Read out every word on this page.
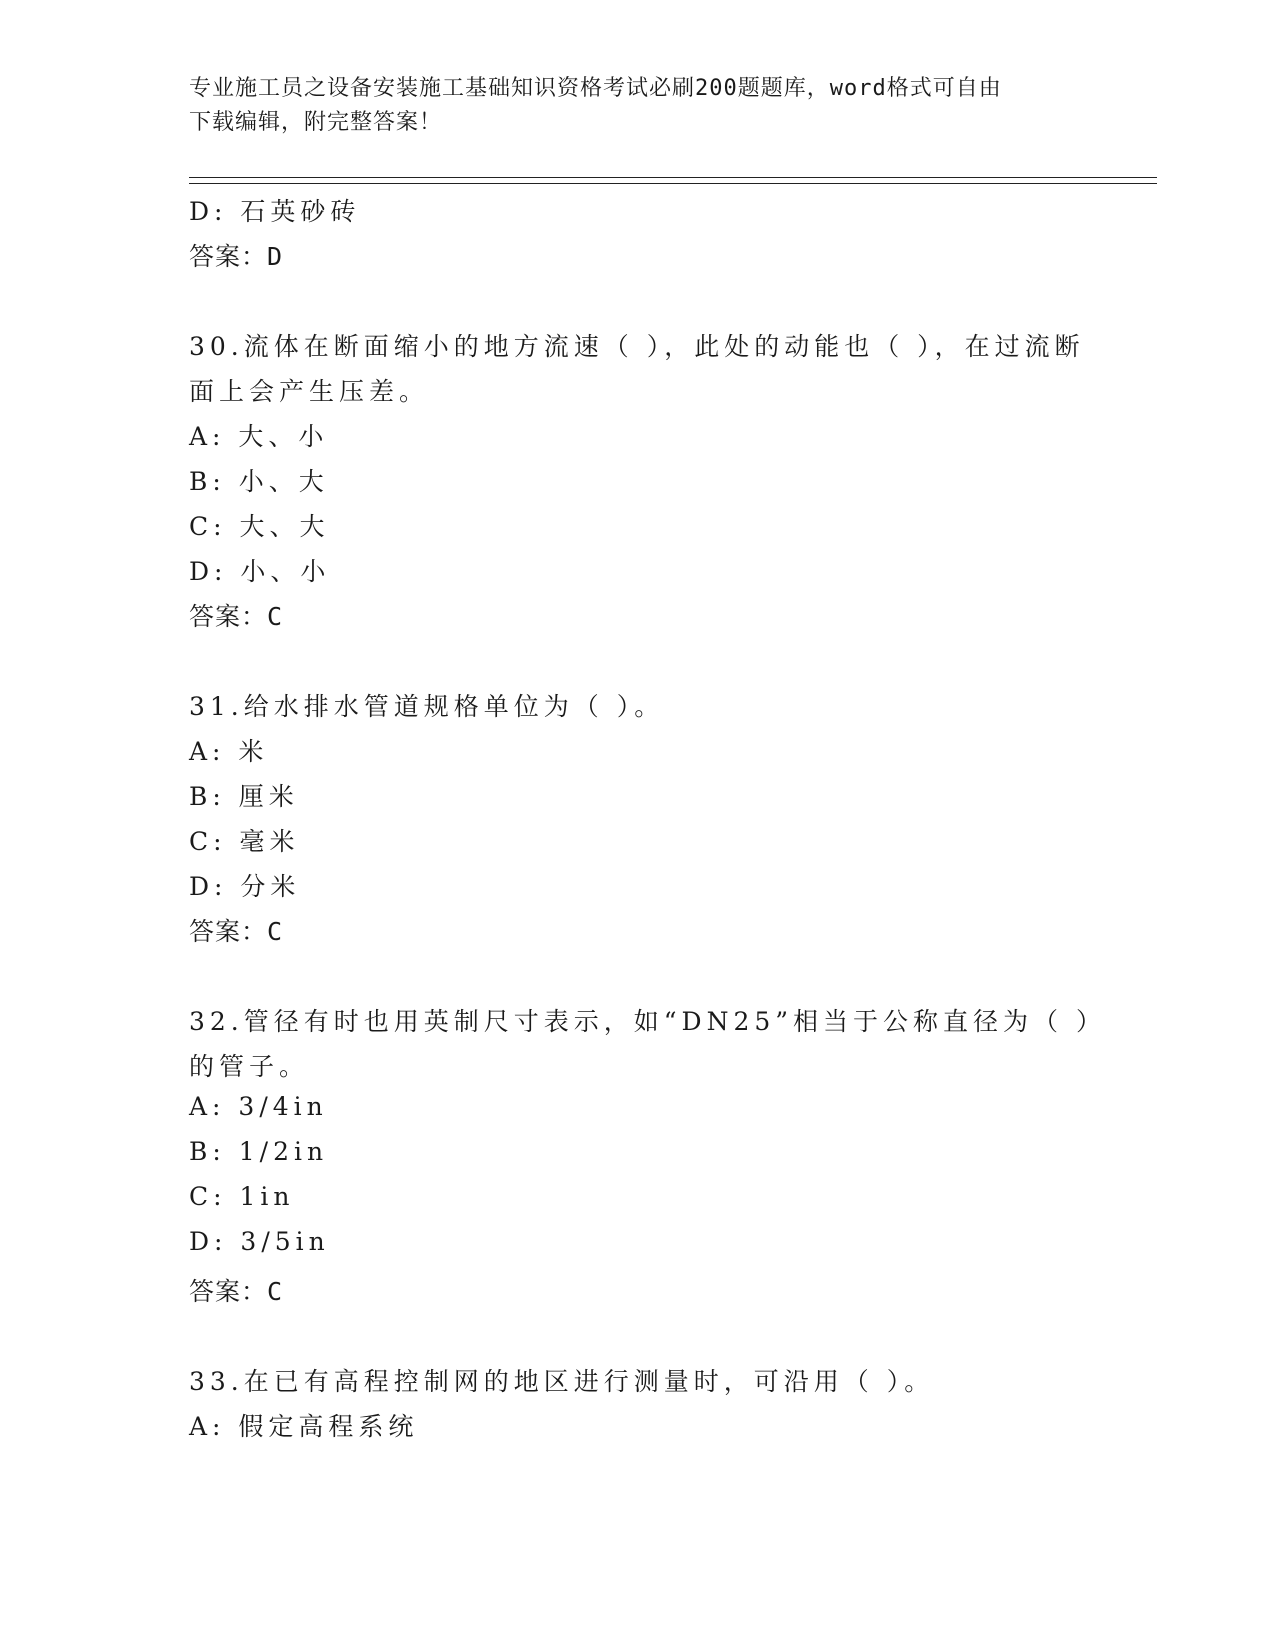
专业施工员之设备安装施工基础知识资格考试必刷200题题库，word格式可自由
下载编辑，附完整答案！
D: 石英砂砖
答案：D
30.流体在断面缩小的地方流速（ ），此处的动能也（ ），在过流断
面上会产生压差。
A: 大、小
B: 小、大
C: 大、大
D: 小、小
答案：C
31.给水排水管道规格单位为（ ）。
A: 米
B: 厘米
C: 毫米
D: 分米
答案：C
32.管径有时也用英制尺寸表示，如“DN25”相当于公称直径为（ ）
的管子。
A: 3/4in
B: 1/2in
C: 1in
D: 3/5in
答案：C
33.在已有高程控制网的地区进行测量时，可沿用（ ）。
A: 假定高程系统
